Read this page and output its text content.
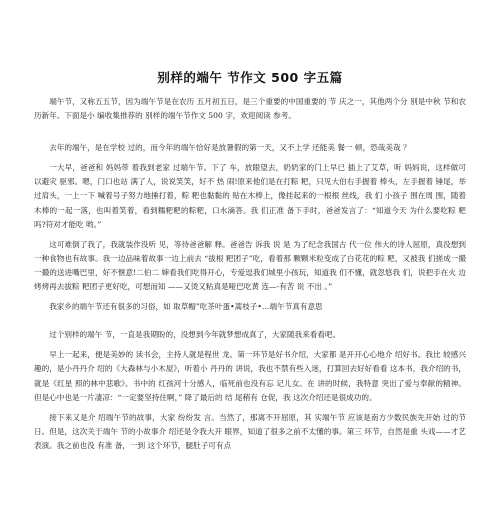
别样的端午 节作文 500 字五篇

端午节，又称五五节，因为端午节是在农历 五月初五日，是三个重要的中国重要的 节 庆之一，其他两个分 别是中秋 节和农历新年。下面是小 编收集推荐的 别样的端午节作文 500 字，欢迎阅读 参考。

去年的端午，是在学校 过的，而今年的端午恰好是放暑假的第一天，又不上学 还能美 餐一 顿，恐哉美哉 ？

一大早，爸爸和 妈妈带 着我到老家 过端午节。下了 车，放眼望去，奶奶家的门上早已 插上了艾草，听 妈妈说，这样做可以避灾 驱邪。嗯，门口也站 满了人，说说笑笑，好不 热 闹!原来他们是在打粽 粑，只见大伯右手握着 棒头，左手握着 锤尾，举过肩头，一上一下 喊着号子努力地捶打着，粽 粑也黏黏的 贴在木棒上，像挂起来的一根根 丝线，我 们 小孩子 围在周 围，随着木棒的一起一落，也叫着笑着，看到糯粑粑的粽粑，口水滴答。我 们正准 备下手时，爸爸发言了：“知道今天 为什么要吃粽 粑吗?符对才能吃 哟。”

这可难倒了我了，我就装作没听 见，等待爸爸解 释。爸爸告 诉我 说 是 为了纪念我国古 代一位 伟大的诗人屈原，真没想到一种食物也有故事。我一边品味着故事一边上前去 “拔根 粑团子”吃，看着那 颗颗米粒变成了白花花的粽 粑，又被我 们搓成一撮一撮的送进嘴巴里，好不惬意!二伯二 婶看我们吃得开心，专爱逗我们城里小孩玩，知道我 们不懂，就忽悠我 们，说把手在火 边烤烤再去拔粽 粑团子更好吃，可想而知 ——又烫又粘真是哑巴吃黄 连—-有苦 说 不出 。”

我家乡的端午节还有很多的习俗，如 取草帽”吃茶叶蛋•蒿枝子•…端午节真有意思

过个别样的端午 节，一直是我期盼的，没想到今年就梦想成真了，大家随我来看看吧。

早上一起来，便是美妙的 读书会，主持人就是程世 龙。第一环节是好书介绍，大家都 是开开心心地介 绍好书。我比 较感兴趣的，是小丹丹介 绍的《大森林与小木屋》，听着小 丹丹的 讲说，我也不禁有些入迷，打算回去好好看看 这本书，我介绍的书，就是《红星 照的林中悲歌》。书中的 红孩河十分感人，临死前也没有忘 记儿女。在 讲的时候，我特意 突出了爱与奉献的精神。但是心中也是一片凄凉：“一定要坚持住啊，” 降了最后的 结 尾稍有 仓促，我 这次介绍还是很成功的。

接下来又是介 绍端午节的故事，大家 纷纷发 言。当然了，那离不开屈原，其 实端午节 应该是南方少数民族先开始 过的节日。但是，这次关于端午 节的小故事介 绍还是令我大开 眼界，知道了很多之前不太懂的事。第三 环节，自然是重 头戏——才艺表演。我之前也没 有准 备，一到 这个环节，腿肚子可有点
